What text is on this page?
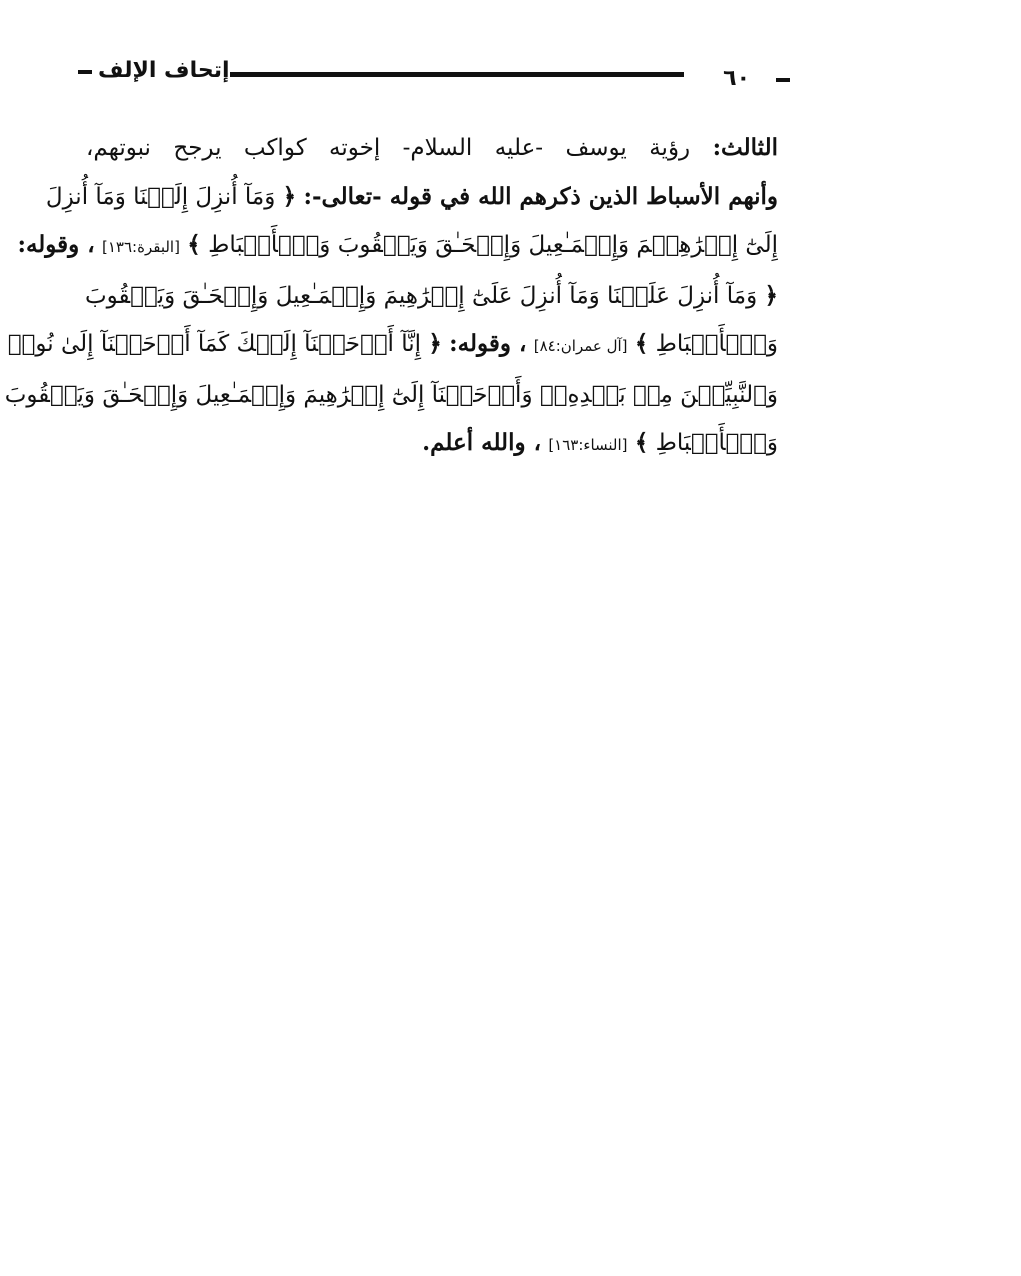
إتحاف الإلف	٦٠
الثالث: رؤية يوسف -عليه السلام- إخوته كواكب يرجح نبوتهم،
وأنهم الأسباط الذين ذكرهم الله في قوله -تعالى-: ﴿ وَمَآ أُنزِلَ إِلَيۡنَا وَمَآ أُنزِلَ
إِلَىٰٓ إِبۡرَٰهِـۧمَ وَإِسۡمَـٰعِيلَ وَإِسۡحَـٰقَ وَيَعۡقُوبَ وَٱلۡأَسۡبَاطِ ﴾ [البقرة:١٣٦] ، وقوله:
﴿ وَمَآ أُنزِلَ عَلَيۡنَا وَمَآ أُنزِلَ عَلَىٰٓ إِبۡرَٰهِيمَ وَإِسۡمَـٰعِيلَ وَإِسۡحَـٰقَ وَيَعۡقُوبَ
وَٱلۡأَسۡبَاطِ ﴾ [آل عمران:٨٤] ، وقوله: ﴿ إِنَّآ أَوۡحَيۡنَآ إِلَيۡكَ كَمَآ أَوۡحَيۡنَآ إِلَىٰ نُوحٖ
وَٱلنَّبِيِّـۧنَ مِنۢ بَعۡدِهِۦۚ وَأَوۡحَيۡنَآ إِلَىٰٓ إِبۡرَٰهِيمَ وَإِسۡمَـٰعِيلَ وَإِسۡحَـٰقَ وَيَعۡقُوبَ
وَٱلۡأَسۡبَاطِ ﴾ [النساء:١٦٣] ، والله أعلم.
